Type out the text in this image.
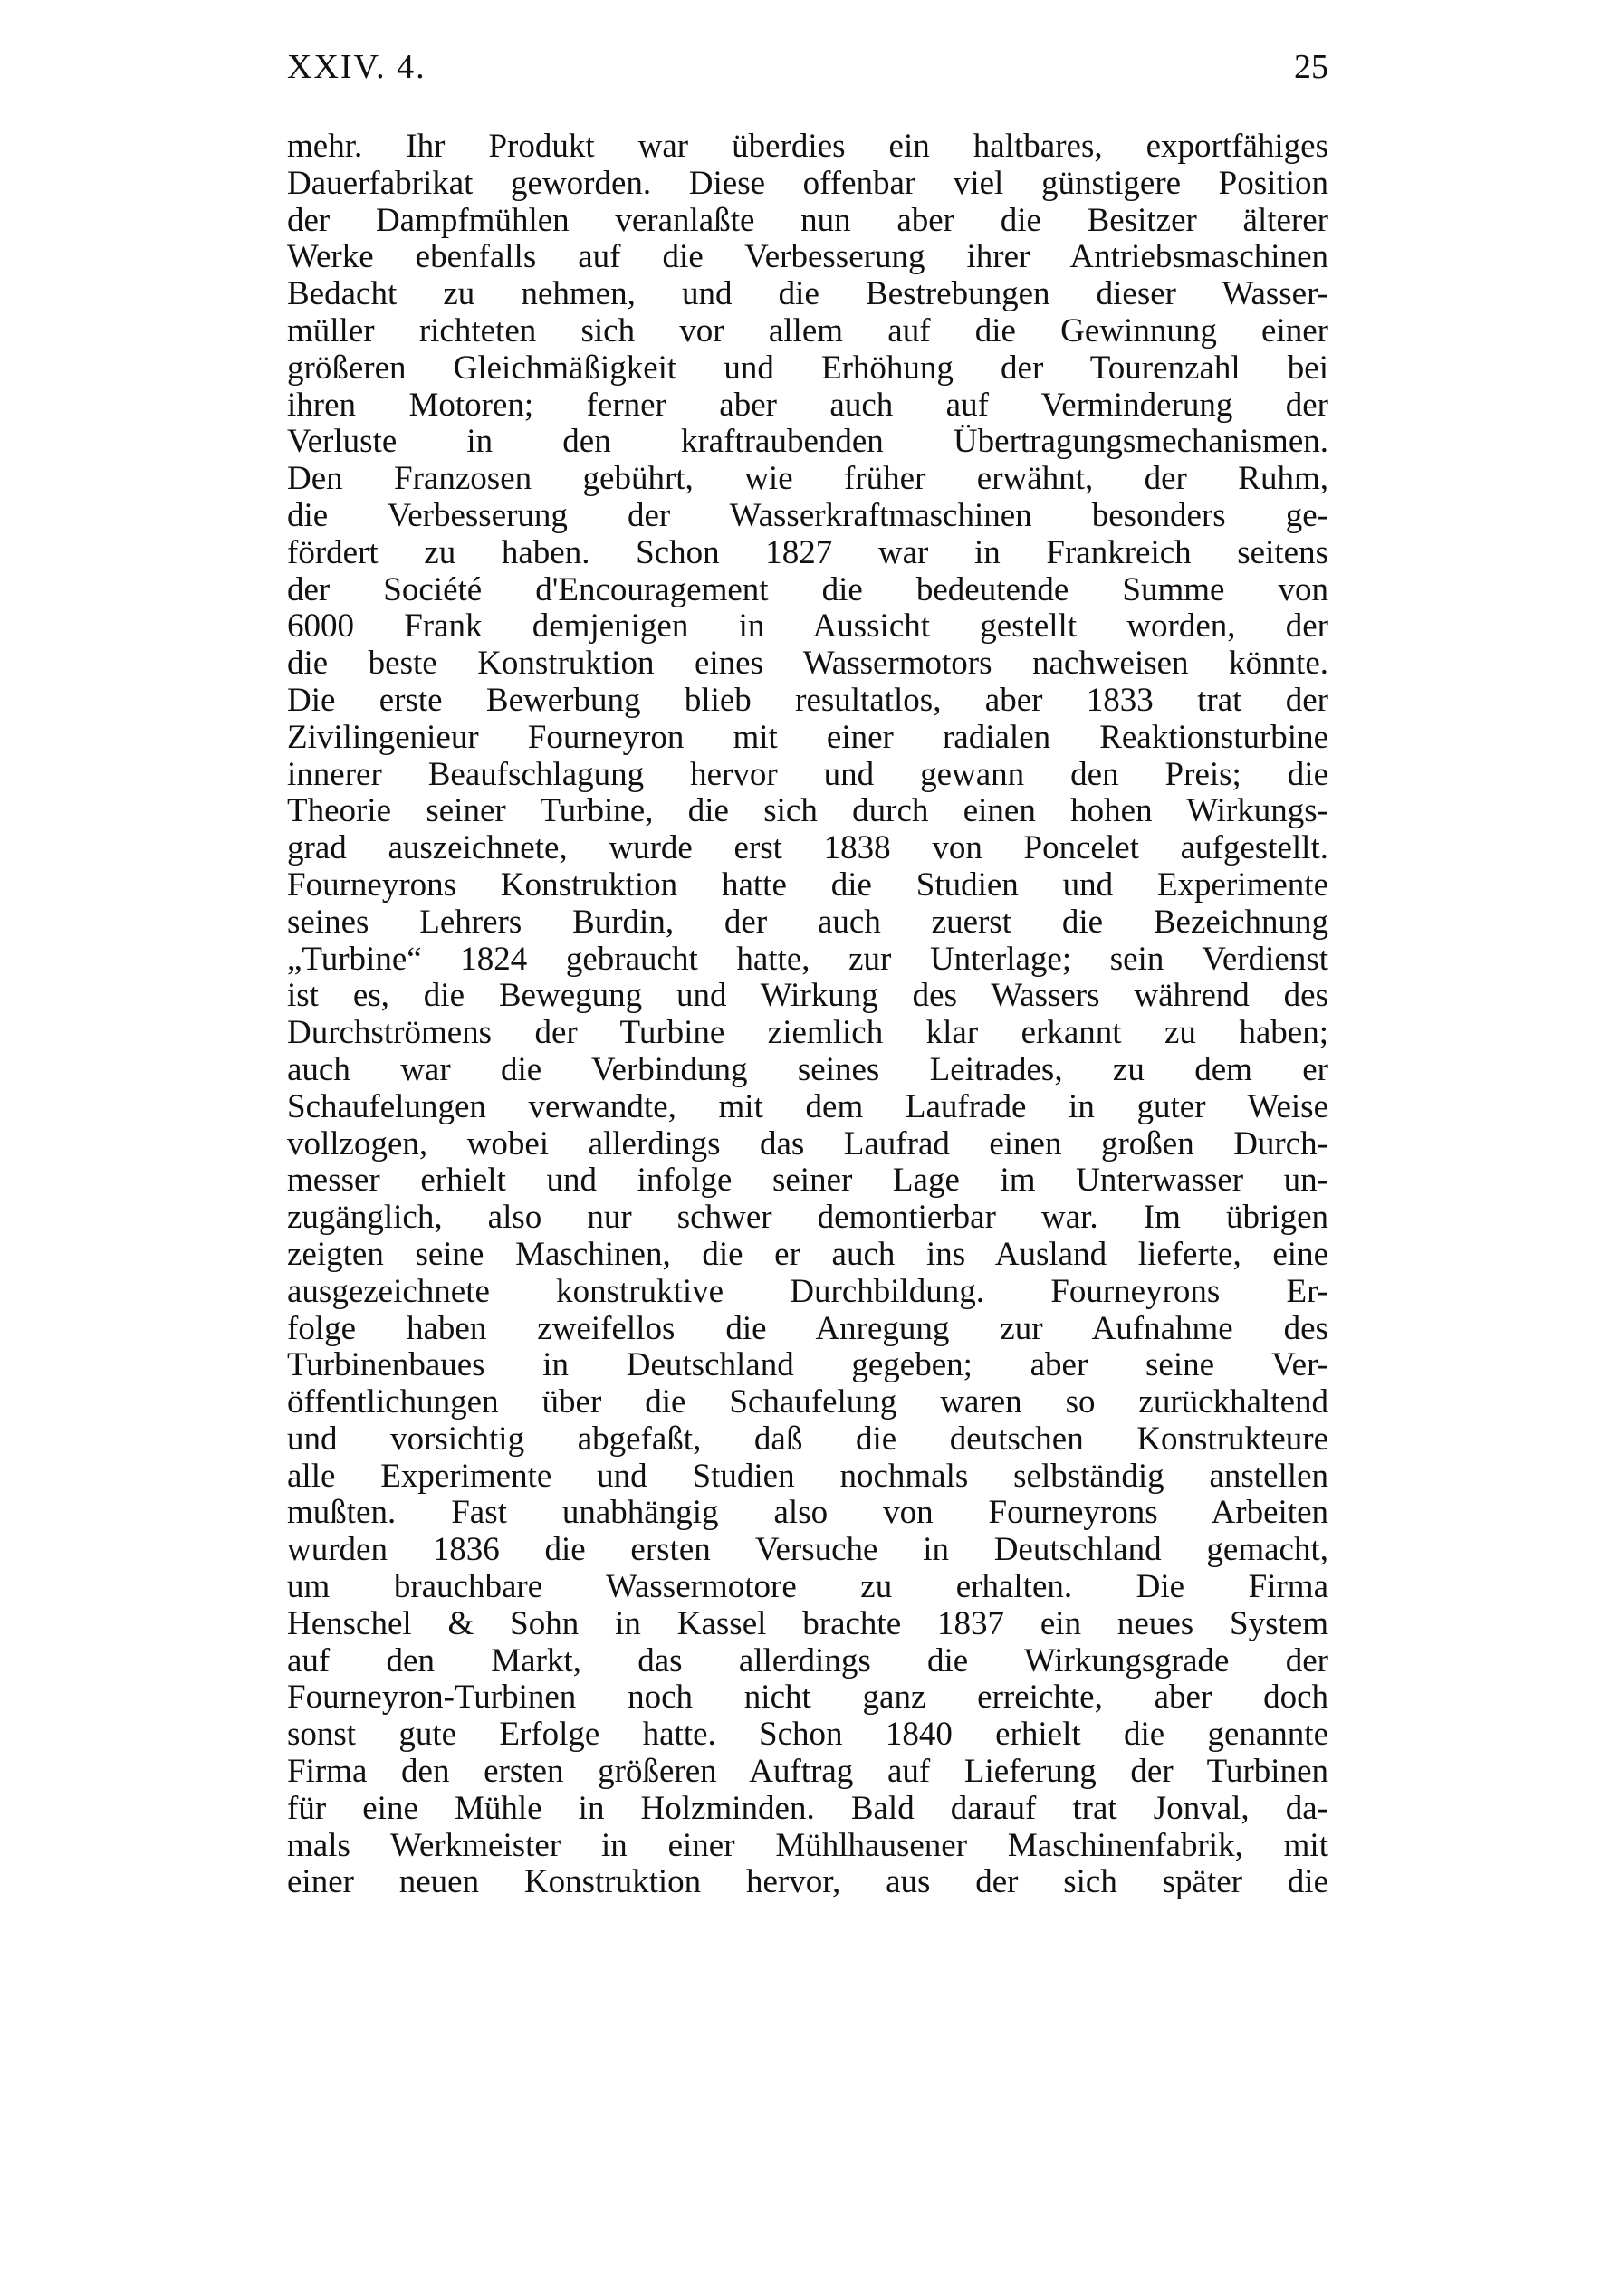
XXIV. 4.	25
mehr. Ihr Produkt war überdies ein haltbares, exportfähiges
Dauerfabrikat geworden. Diese offenbar viel günstigere Position
der Dampfmühlen veranlaßte nun aber die Besitzer älterer
Werke ebenfalls auf die Verbesserung ihrer Antriebsmaschinen
Bedacht zu nehmen, und die Bestrebungen dieser Wasser-
müller richteten sich vor allem auf die Gewinnung einer
größeren Gleichmäßigkeit und Erhöhung der Tourenzahl bei
ihren Motoren; ferner aber auch auf Verminderung der
Verluste in den kraftraubenden Übertragungsmechanismen.
Den Franzosen gebührt, wie früher erwähnt, der Ruhm,
die Verbesserung der Wasserkraftmaschinen besonders ge-
fördert zu haben. Schon 1827 war in Frankreich seitens
der Société d'Encouragement die bedeutende Summe von
6000 Frank demjenigen in Aussicht gestellt worden, der
die beste Konstruktion eines Wassermotors nachweisen könnte.
Die erste Bewerbung blieb resultatlos, aber 1833 trat der
Zivilingenieur Fourneyron mit einer radialen Reaktionsturbine
innerer Beaufschlagung hervor und gewann den Preis; die
Theorie seiner Turbine, die sich durch einen hohen Wirkungs-
grad auszeichnete, wurde erst 1838 von Poncelet aufgestellt.
Fourneyrons Konstruktion hatte die Studien und Experimente
seines Lehrers Burdin, der auch zuerst die Bezeichnung
„Turbine“ 1824 gebraucht hatte, zur Unterlage; sein Verdienst
ist es, die Bewegung und Wirkung des Wassers während des
Durchströmens der Turbine ziemlich klar erkannt zu haben;
auch war die Verbindung seines Leitrades, zu dem er
Schaufelungen verwandte, mit dem Laufrade in guter Weise
vollzogen, wobei allerdings das Laufrad einen großen Durch-
messer erhielt und infolge seiner Lage im Unterwasser un-
zugänglich, also nur schwer demontierbar war. Im übrigen
zeigten seine Maschinen, die er auch ins Ausland lieferte, eine
ausgezeichnete konstruktive Durchbildung. Fourneyrons Er-
folge haben zweifellos die Anregung zur Aufnahme des
Turbinenbaues in Deutschland gegeben; aber seine Ver-
öffentlichungen über die Schaufelung waren so zurückhaltend
und vorsichtig abgefaßt, daß die deutschen Konstrukteure
alle Experimente und Studien nochmals selbständig anstellen
mußten. Fast unabhängig also von Fourneyrons Arbeiten
wurden 1836 die ersten Versuche in Deutschland gemacht,
um brauchbare Wassermotore zu erhalten. Die Firma
Henschel & Sohn in Kassel brachte 1837 ein neues System
auf den Markt, das allerdings die Wirkungsgrade der
Fourneyron-Turbinen noch nicht ganz erreichte, aber doch
sonst gute Erfolge hatte. Schon 1840 erhielt die genannte
Firma den ersten größeren Auftrag auf Lieferung der Turbinen
für eine Mühle in Holzminden. Bald darauf trat Jonval, da-
mals Werkmeister in einer Mühlhausener Maschinenfabrik, mit
einer neuen Konstruktion hervor, aus der sich später die
